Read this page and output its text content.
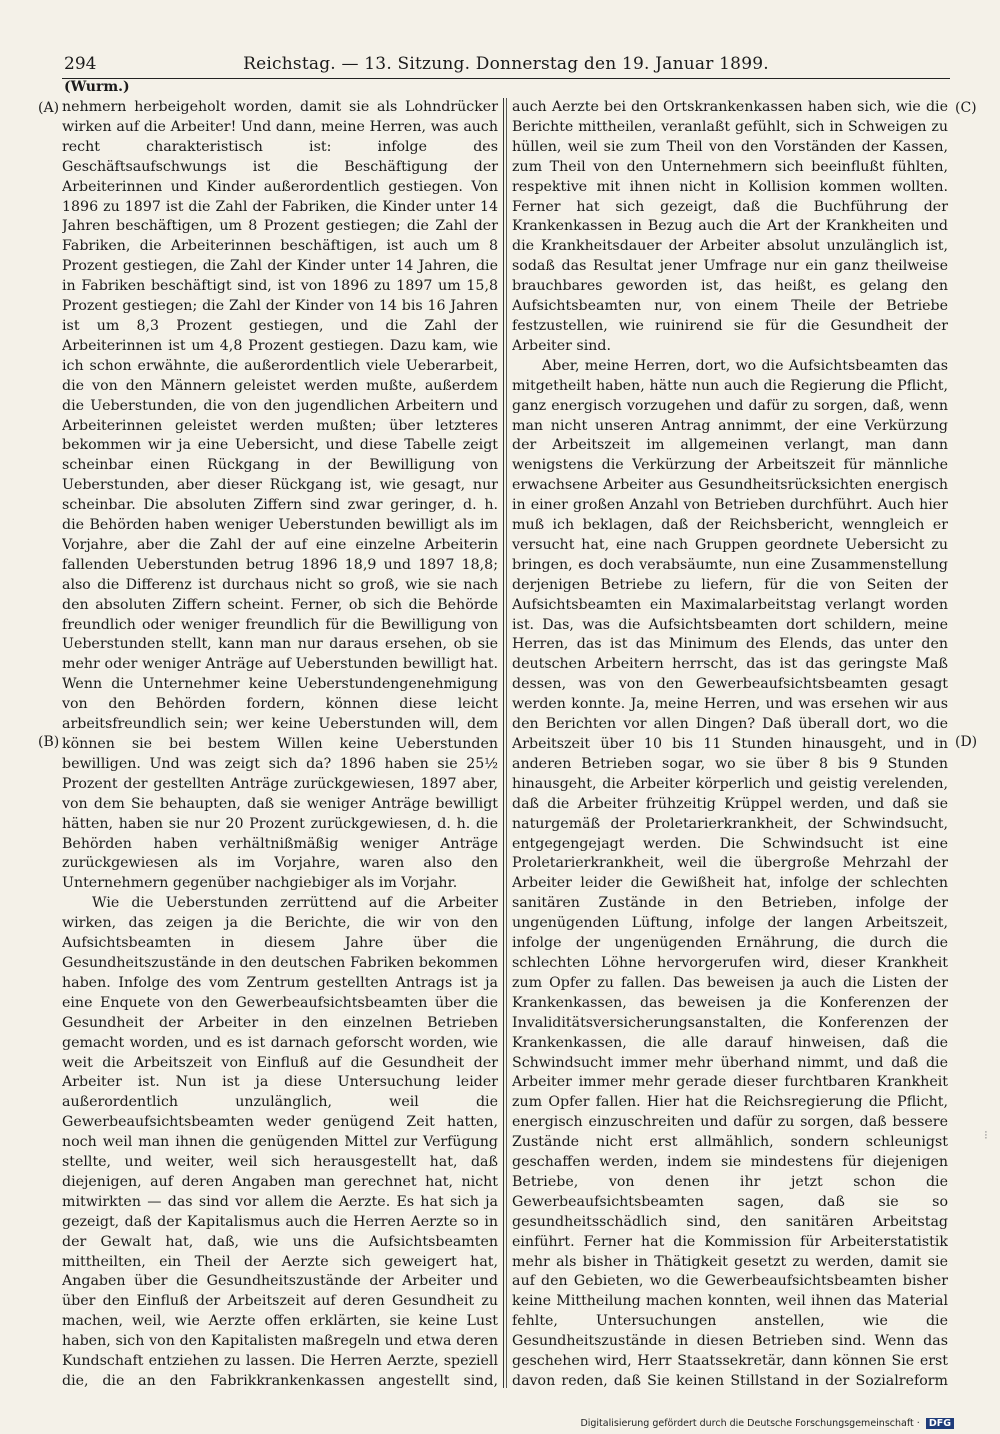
294	Reichstag. — 13. Sitzung. Donnerstag den 19. Januar 1899.
(Wurm.)
(A)
(B)
(C)
(D)

nehmern herbeigeholt worden, damit sie als Lohndrücker wirken auf die Arbeiter! Und dann, meine Herren, was auch recht charakteristisch ist: infolge des Geschäftsaufschwungs ist die Beschäftigung der Arbeiterinnen und Kinder außerordentlich gestiegen. Von 1896 zu 1897 ist die Zahl der Fabriken, die Kinder unter 14 Jahren beschäftigen, um 8 Prozent gestiegen; die Zahl der Fabriken, die Arbeiterinnen beschäftigen, ist auch um 8 Prozent gestiegen, die Zahl der Kinder unter 14 Jahren, die in Fabriken beschäftigt sind, ist von 1896 zu 1897 um 15,8 Prozent gestiegen; die Zahl der Kinder von 14 bis 16 Jahren ist um 8,3 Prozent gestiegen, und die Zahl der Arbeiterinnen ist um 4,8 Prozent gestiegen. Dazu kam, wie ich schon erwähnte, die außerordentlich viele Ueberarbeit, die von den Männern geleistet werden mußte, außerdem die Ueberstunden, die von den jugendlichen Arbeitern und Arbeiterinnen geleistet werden mußten; über letzteres bekommen wir ja eine Uebersicht, und diese Tabelle zeigt scheinbar einen Rückgang in der Bewilligung von Ueberstunden, aber dieser Rückgang ist, wie gesagt, nur scheinbar. Die absoluten Ziffern sind zwar geringer, d. h. die Behörden haben weniger Ueberstunden bewilligt als im Vorjahre, aber die Zahl der auf eine einzelne Arbeiterin fallenden Ueberstunden betrug 1896 18,9 und 1897 18,8; also die Differenz ist durchaus nicht so groß, wie sie nach den absoluten Ziffern scheint. Ferner, ob sich die Behörde freundlich oder weniger freundlich für die Bewilligung von Ueberstunden stellt, kann man nur daraus ersehen, ob sie mehr oder weniger Anträge auf Ueberstunden bewilligt hat. Wenn die Unternehmer keine Ueberstundengenehmigung von den Behörden fordern, können diese leicht arbeitsfreundlich sein; wer keine Ueberstunden will, dem können sie bei bestem Willen keine Ueberstunden bewilligen. Und was zeigt sich da? 1896 haben sie 25½ Prozent der gestellten Anträge zurückgewiesen, 1897 aber, von dem Sie behaupten, daß sie weniger Anträge bewilligt hätten, haben sie nur 20 Prozent zurückgewiesen, d. h. die Behörden haben verhältnißmäßig weniger Anträge zurückgewiesen als im Vorjahre, waren also den Unternehmern gegenüber nachgiebiger als im Vorjahr.

Wie die Ueberstunden zerrüttend auf die Arbeiter wirken, das zeigen ja die Berichte, die wir von den Aufsichtsbeamten in diesem Jahre über die Gesundheitszustände in den deutschen Fabriken bekommen haben. Infolge des vom Zentrum gestellten Antrags ist ja eine Enquete von den Gewerbeaufsichtsbeamten über die Gesundheit der Arbeiter in den einzelnen Betrieben gemacht worden, und es ist darnach geforscht worden, wie weit die Arbeitszeit von Einfluß auf die Gesundheit der Arbeiter ist. Nun ist ja diese Untersuchung leider außerordentlich unzulänglich, weil die Gewerbeaufsichtsbeamten weder genügend Zeit hatten, noch weil man ihnen die genügenden Mittel zur Verfügung stellte, und weiter, weil sich herausgestellt hat, daß diejenigen, auf deren Angaben man gerechnet hat, nicht mitwirkten — das sind vor allem die Aerzte. Es hat sich ja gezeigt, daß der Kapitalismus auch die Herren Aerzte so in der Gewalt hat, daß, wie uns die Aufsichtsbeamten mittheilten, ein Theil der Aerzte sich geweigert hat, Angaben über die Gesundheitszustände der Arbeiter und über den Einfluß der Arbeitszeit auf deren Gesundheit zu machen, weil, wie Aerzte offen erklärten, sie keine Lust haben, sich von den Kapitalisten maßregeln und etwa deren Kundschaft entziehen zu lassen. Die Herren Aerzte, speziell die, die an den Fabrikkrankenkassen angestellt sind,

auch Aerzte bei den Ortskrankenkassen haben sich, wie die Berichte mittheilen, veranlaßt gefühlt, sich in Schweigen zu hüllen, weil sie zum Theil von den Vorständen der Kassen, zum Theil von den Unternehmern sich beeinflußt fühlten, respektive mit ihnen nicht in Kollision kommen wollten. Ferner hat sich gezeigt, daß die Buchführung der Krankenkassen in Bezug auch die Art der Krankheiten und die Krankheitsdauer der Arbeiter absolut unzulänglich ist, sodaß das Resultat jener Umfrage nur ein ganz theilweise brauchbares geworden ist, das heißt, es gelang den Aufsichtsbeamten nur, von einem Theile der Betriebe festzustellen, wie ruinirend sie für die Gesundheit der Arbeiter sind.

Aber, meine Herren, dort, wo die Aufsichtsbeamten das mitgetheilt haben, hätte nun auch die Regierung die Pflicht, ganz energisch vorzugehen und dafür zu sorgen, daß, wenn man nicht unseren Antrag annimmt, der eine Verkürzung der Arbeitszeit im allgemeinen verlangt, man dann wenigstens die Verkürzung der Arbeitszeit für männliche erwachsene Arbeiter aus Gesundheitsrücksichten energisch in einer großen Anzahl von Betrieben durchführt. Auch hier muß ich beklagen, daß der Reichsbericht, wenngleich er versucht hat, eine nach Gruppen geordnete Uebersicht zu bringen, es doch verabsäumte, nun eine Zusammenstellung derjenigen Betriebe zu liefern, für die von Seiten der Aufsichtsbeamten ein Maximalarbeitstag verlangt worden ist. Das, was die Aufsichtsbeamten dort schildern, meine Herren, das ist das Minimum des Elends, das unter den deutschen Arbeitern herrscht, das ist das geringste Maß dessen, was von den Gewerbeaufsichtsbeamten gesagt werden konnte. Ja, meine Herren, und was ersehen wir aus den Berichten vor allen Dingen? Daß überall dort, wo die Arbeitszeit über 10 bis 11 Stunden hinausgeht, und in anderen Betrieben sogar, wo sie über 8 bis 9 Stunden hinausgeht, die Arbeiter körperlich und geistig verelenden, daß die Arbeiter frühzeitig Krüppel werden, und daß sie naturgemäß der Proletarierkrankheit, der Schwindsucht, entgegengejagt werden. Die Schwindsucht ist eine Proletarierkrankheit, weil die übergroße Mehrzahl der Arbeiter leider die Gewißheit hat, infolge der schlechten sanitären Zustände in den Betrieben, infolge der ungenügenden Lüftung, infolge der langen Arbeitszeit, infolge der ungenügenden Ernährung, die durch die schlechten Löhne hervorgerufen wird, dieser Krankheit zum Opfer zu fallen. Das beweisen ja auch die Listen der Krankenkassen, das beweisen ja die Konferenzen der Invaliditätsversicherungsanstalten, die Konferenzen der Krankenkassen, die alle darauf hinweisen, daß die Schwindsucht immer mehr überhand nimmt, und daß die Arbeiter immer mehr gerade dieser furchtbaren Krankheit zum Opfer fallen. Hier hat die Reichsregierung die Pflicht, energisch einzuschreiten und dafür zu sorgen, daß bessere Zustände nicht erst allmählich, sondern schleunigst geschaffen werden, indem sie mindestens für diejenigen Betriebe, von denen ihr jetzt schon die Gewerbeaufsichtsbeamten sagen, daß sie so gesundheitsschädlich sind, den sanitären Arbeitstag einführt. Ferner hat die Kommission für Arbeiterstatistik mehr als bisher in Thätigkeit gesetzt zu werden, damit sie auf den Gebieten, wo die Gewerbeaufsichtsbeamten bisher keine Mittheilung machen konnten, weil ihnen das Material fehlte, Untersuchungen anstellen, wie die Gesundheitszustände in diesen Betrieben sind. Wenn das geschehen wird, Herr Staatssekretär, dann können Sie erst davon reden, daß Sie keinen Stillstand in der Sozialreform

⁝
Digitalisierung gefördert durch die Deutsche Forschungsgemeinschaft · DFG
